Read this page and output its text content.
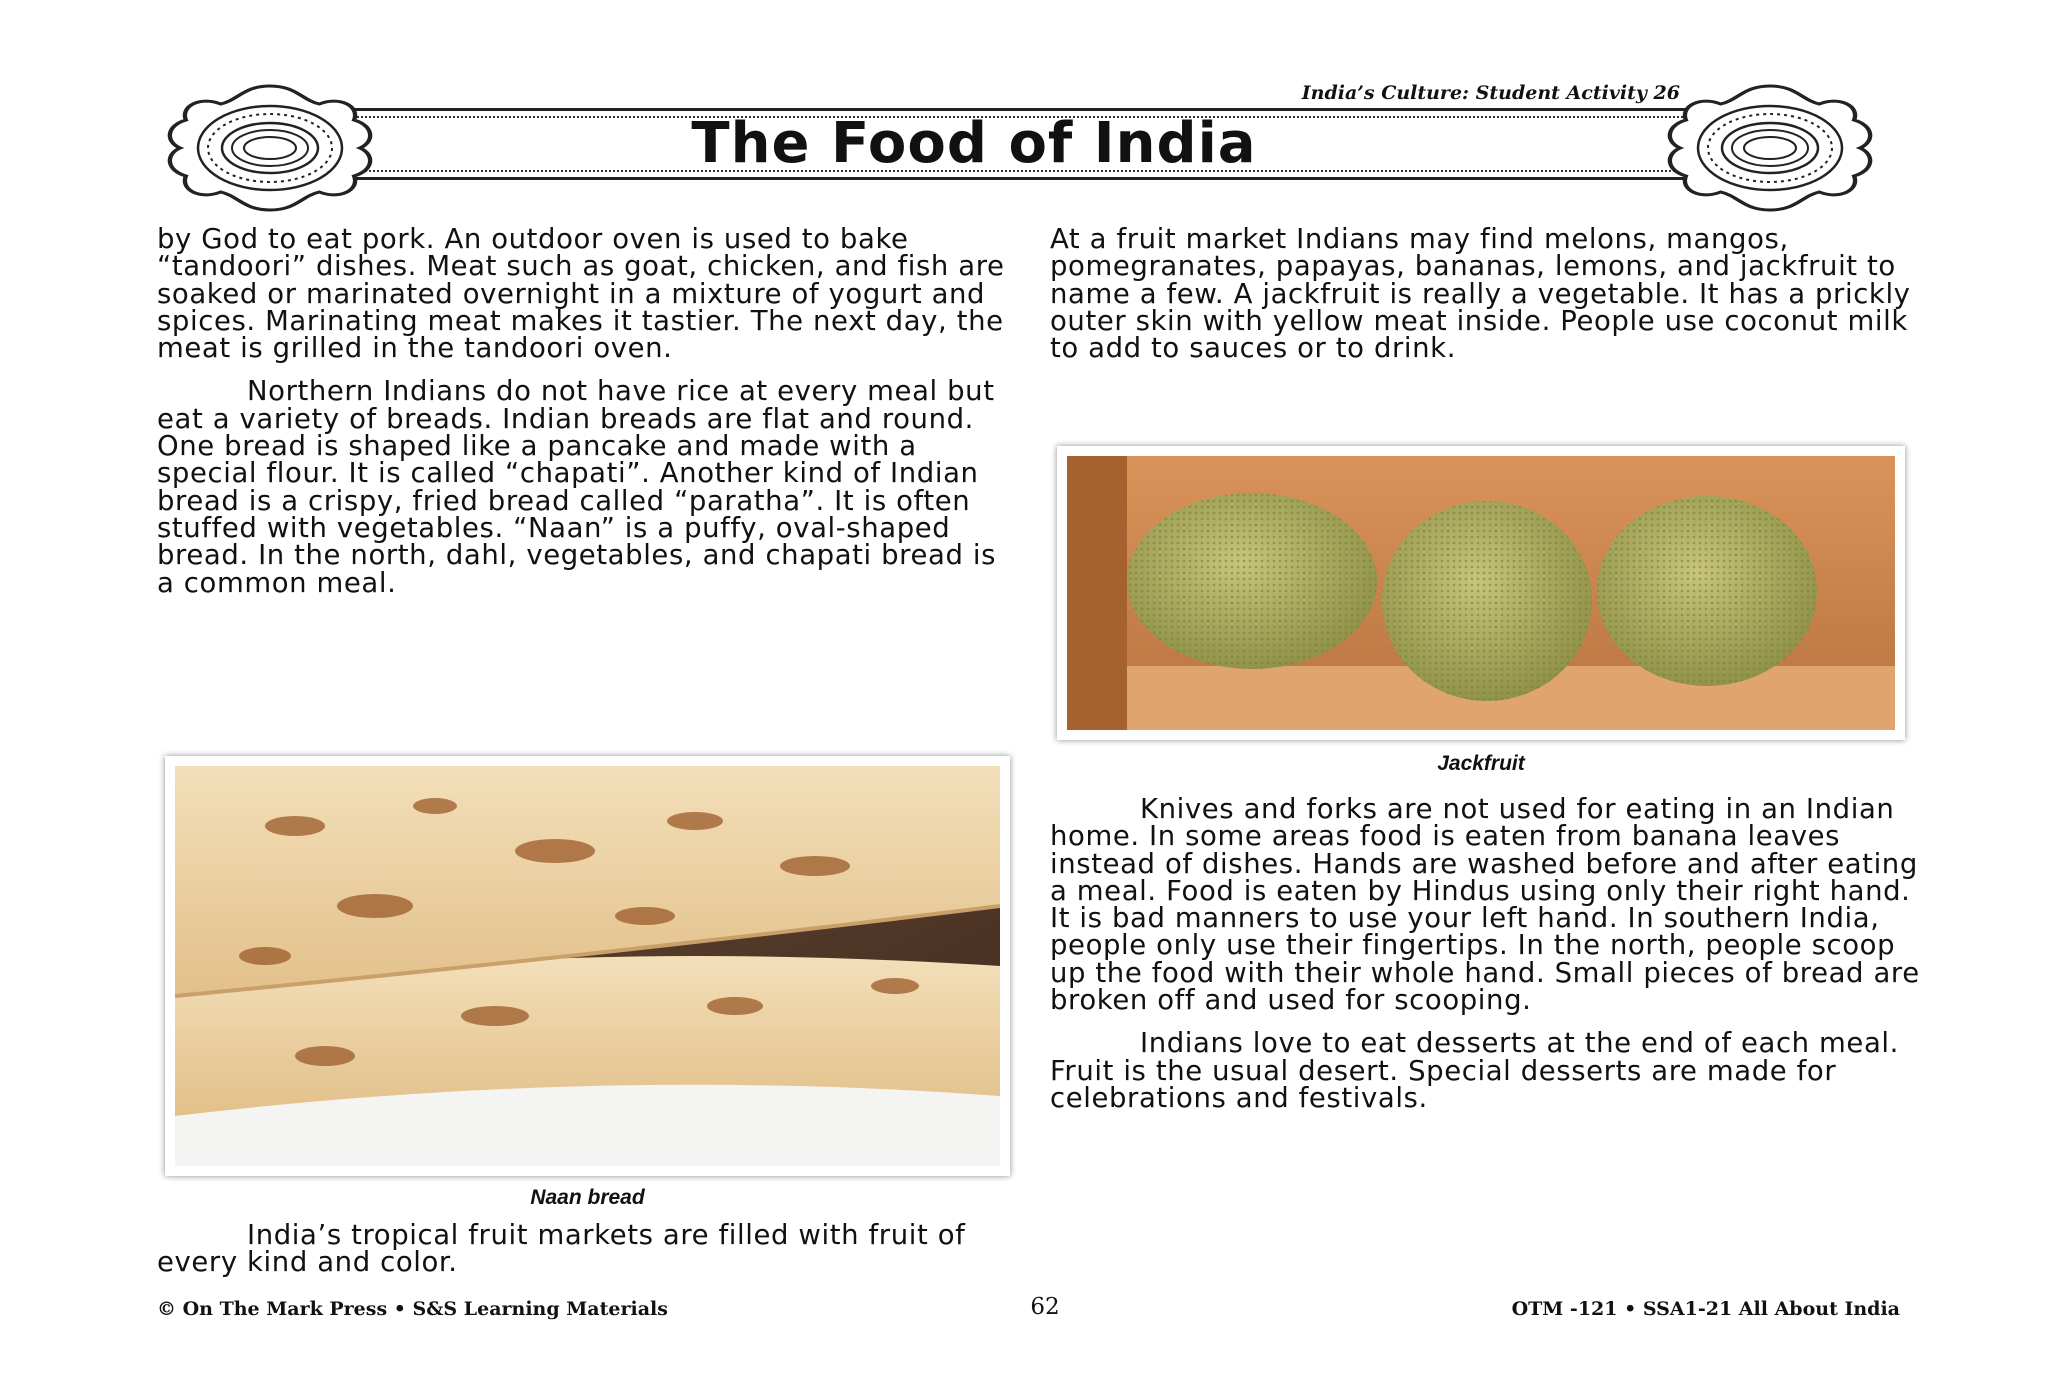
India’s Culture: Student Activity 26
The Food of India

by God to eat pork. An outdoor oven is used to bake “tandoori” dishes. Meat such as goat, chicken, and fish are soaked or marinated overnight in a mixture of yogurt and spices. Marinating meat makes it tastier. The next day, the meat is grilled in the tandoori oven.

Northern Indians do not have rice at every meal but eat a variety of breads. Indian breads are flat and round. One bread is shaped like a pancake and made with a special flour. It is called “chapati”. Another kind of Indian bread is a crispy, fried bread called “paratha”. It is often stuffed with vegetables. “Naan” is a puffy, oval-shaped bread. In the north, dahl, vegetables, and chapati bread is a common meal.

Naan bread

India’s tropical fruit markets are filled with fruit of every kind and color.

At a fruit market Indians may find melons, mangos, pomegranates, papayas, bananas, lemons, and jackfruit to name a few. A jackfruit is really a vegetable. It has a prickly outer skin with yellow meat inside. People use coconut milk to add to sauces or to drink.

Jackfruit

Knives and forks are not used for eating in an Indian home. In some areas food is eaten from banana leaves instead of dishes. Hands are washed before and after eating a meal. Food is eaten by Hindus using only their right hand. It is bad manners to use your left hand. In southern India, people only use their fingertips. In the north, people scoop up the food with their whole hand. Small pieces of bread are broken off and used for scooping.

Indians love to eat desserts at the end of each meal. Fruit is the usual desert. Special desserts are made for celebrations and festivals.

© On The Mark Press • S&S Learning Materials	62	OTM -121 • SSA1-21 All About India
